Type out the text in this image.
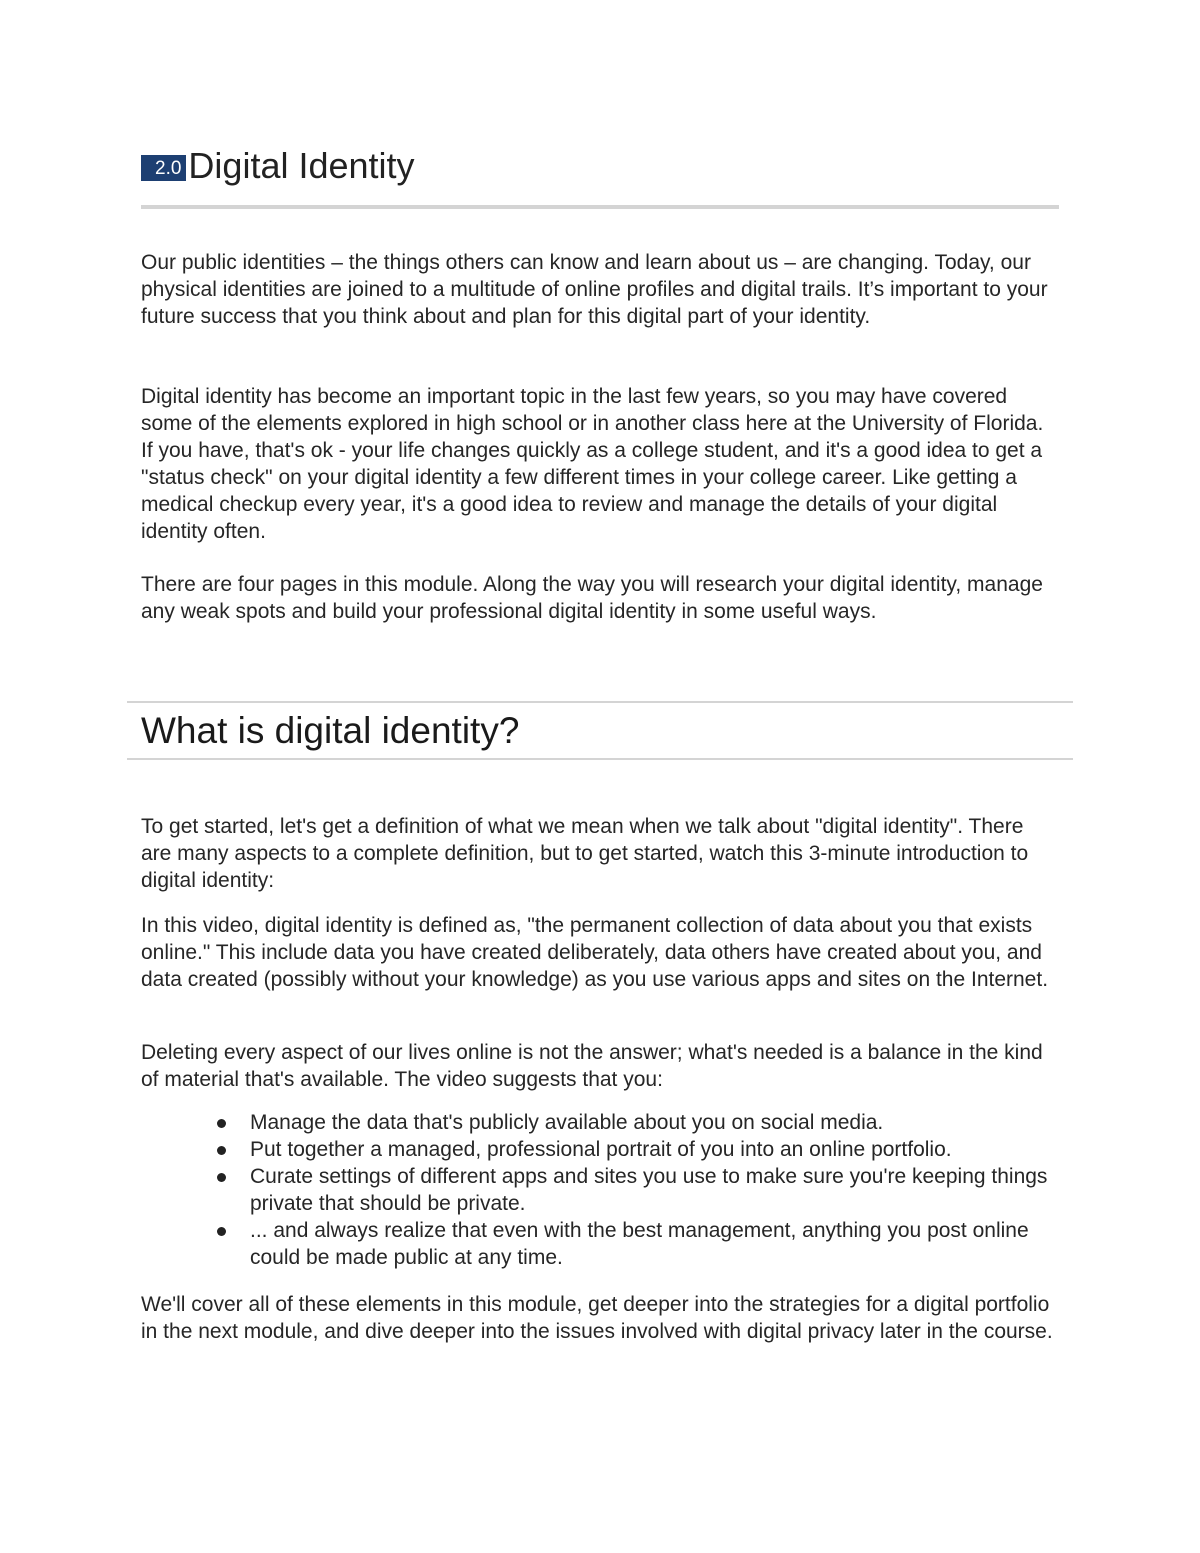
2.0 Digital Identity

Our public identities – the things others can know and learn about us – are changing. Today, our physical identities are joined to a multitude of online profiles and digital trails. It’s important to your future success that you think about and plan for this digital part of your identity.

Digital identity has become an important topic in the last few years, so you may have covered some of the elements explored in high school or in another class here at the University of Florida. If you have, that's ok - your life changes quickly as a college student, and it's a good idea to get a "status check" on your digital identity a few different times in your college career. Like getting a medical checkup every year, it's a good idea to review and manage the details of your digital identity often.

There are four pages in this module. Along the way you will research your digital identity, manage any weak spots and build your professional digital identity in some useful ways.

What is digital identity?

To get started, let's get a definition of what we mean when we talk about "digital identity". There are many aspects to a complete definition, but to get started, watch this 3-minute introduction to digital identity:

In this video, digital identity is defined as, "the permanent collection of data about you that exists online." This include data you have created deliberately, data others have created about you, and data created (possibly without your knowledge) as you use various apps and sites on the Internet.

Deleting every aspect of our lives online is not the answer; what's needed is a balance in the kind of material that's available. The video suggests that you:

Manage the data that's publicly available about you on social media.
Put together a managed, professional portrait of you into an online portfolio.
Curate settings of different apps and sites you use to make sure you're keeping things private that should be private.
... and always realize that even with the best management, anything you post online could be made public at any time.

We'll cover all of these elements in this module, get deeper into the strategies for a digital portfolio in the next module, and dive deeper into the issues involved with digital privacy later in the course.
